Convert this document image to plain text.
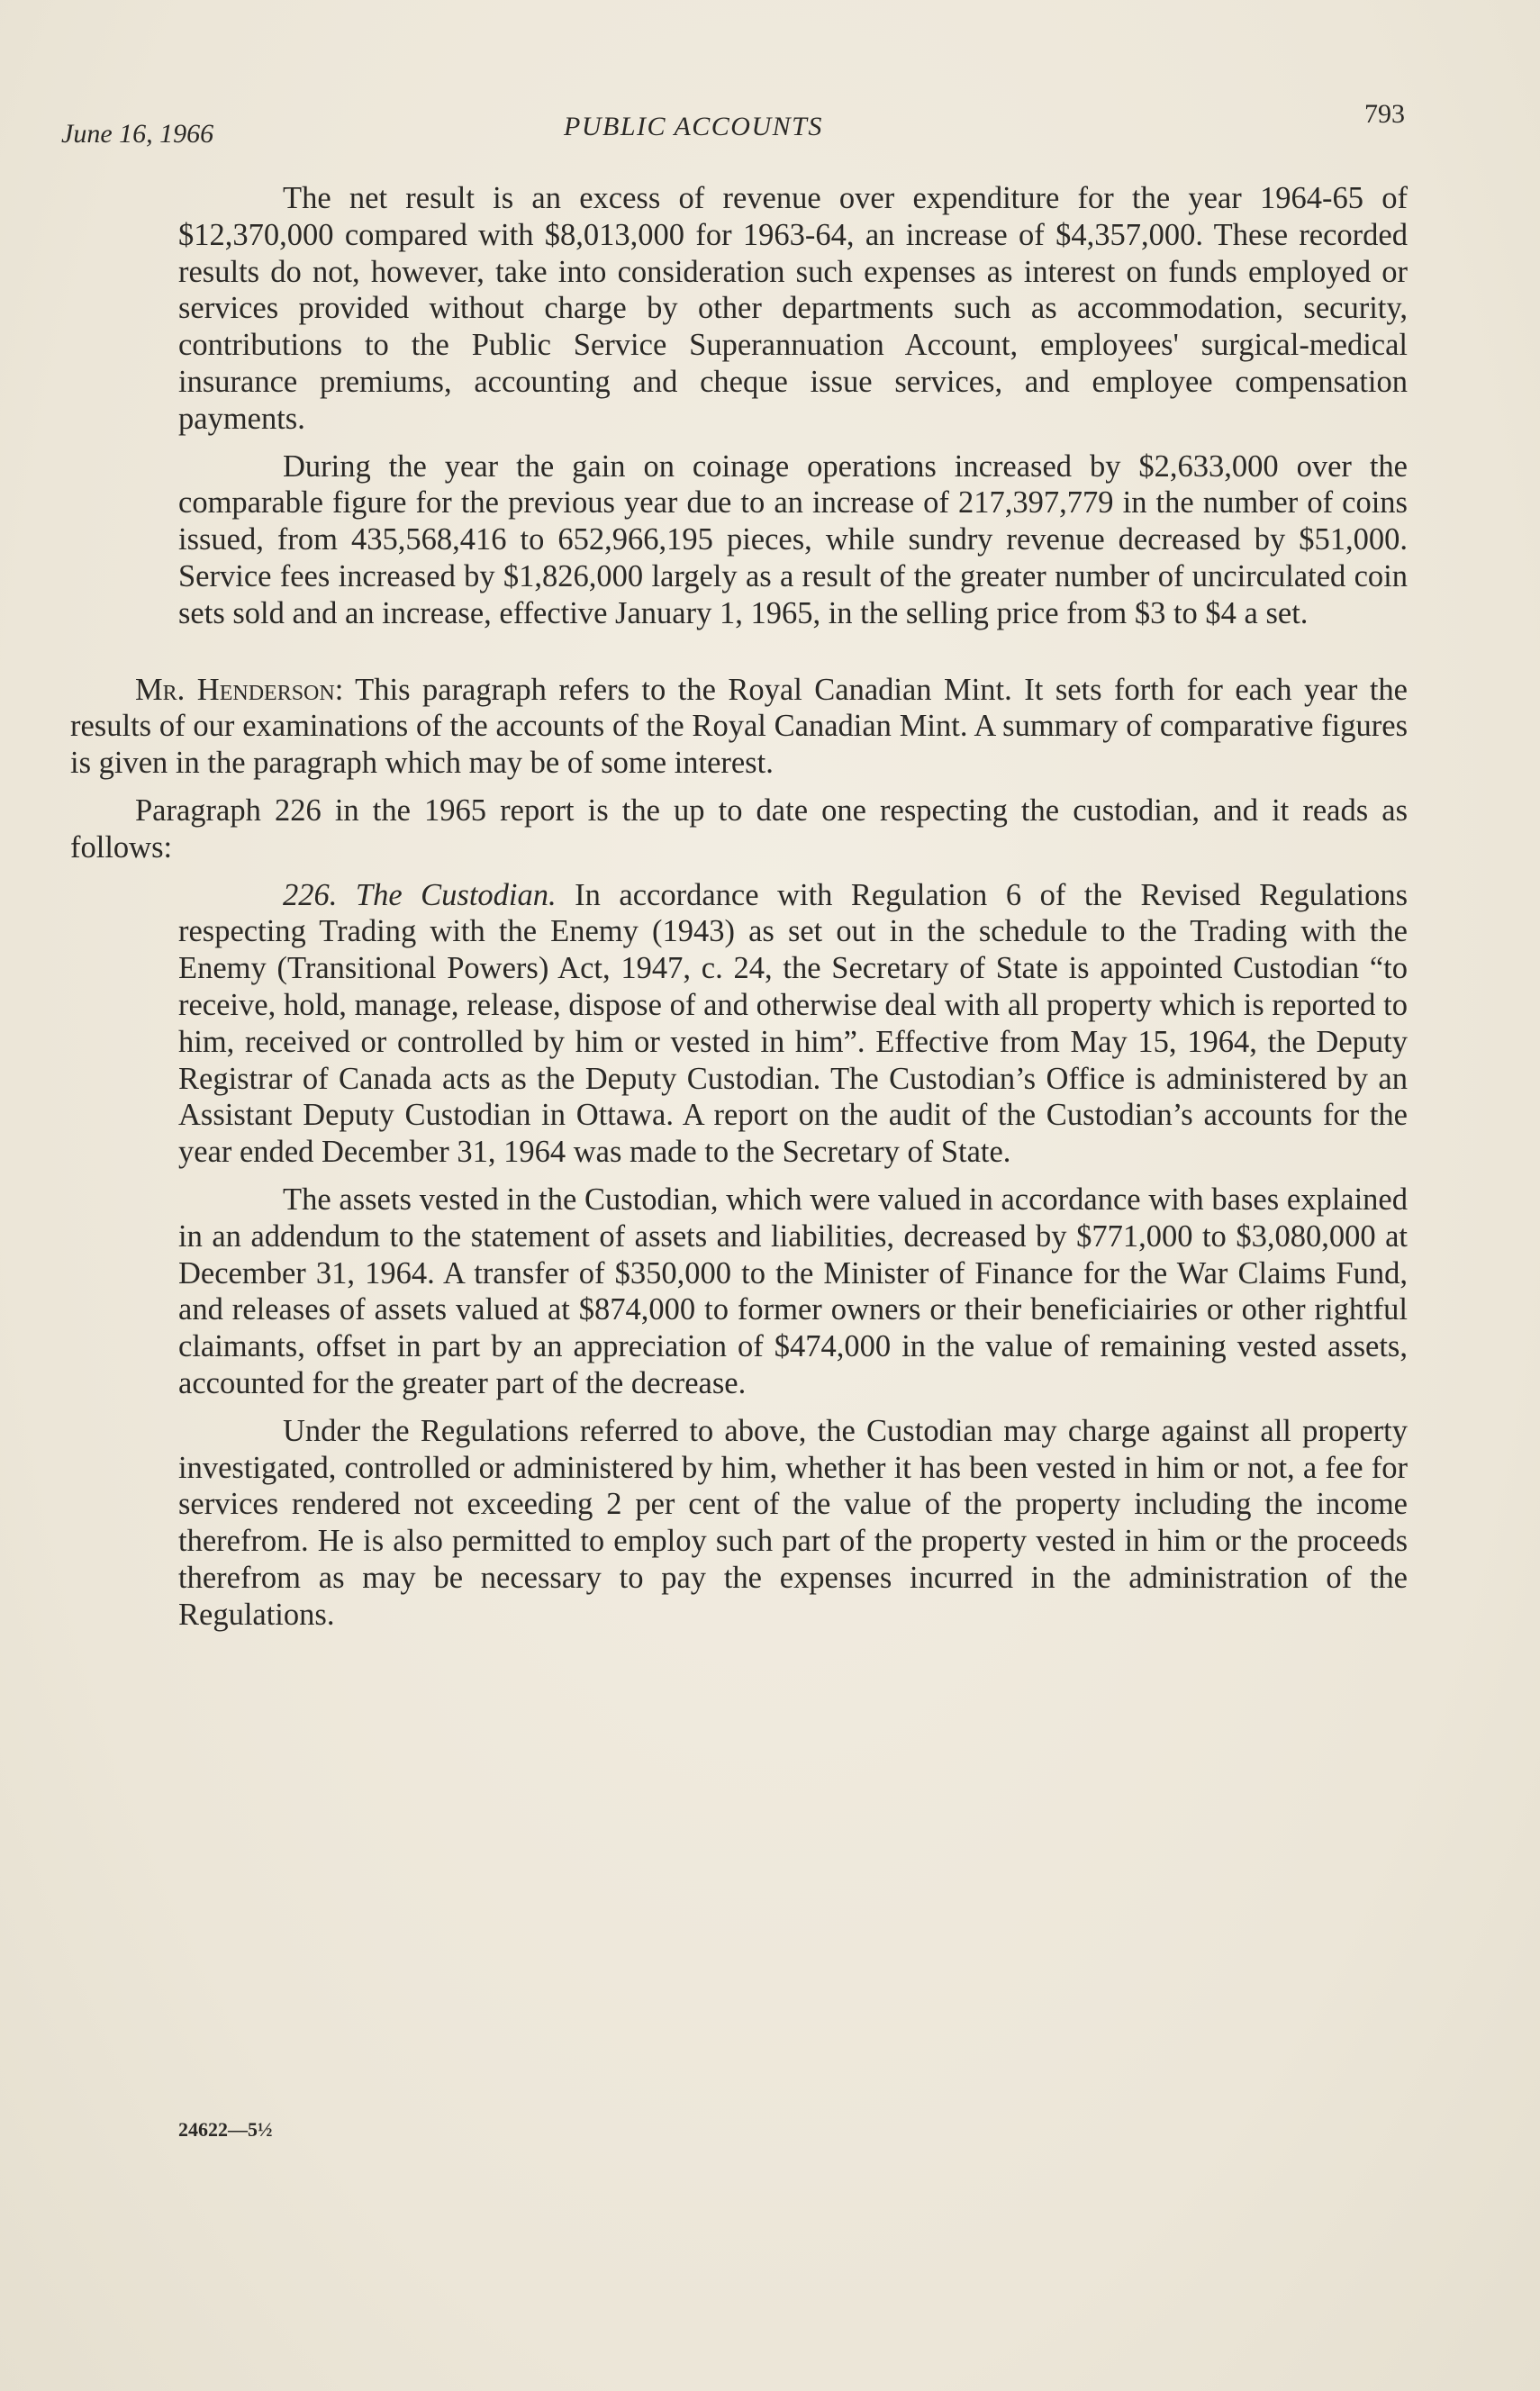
June 16, 1966	PUBLIC ACCOUNTS	793

The net result is an excess of revenue over expenditure for the year 1964-65 of $12,370,000 compared with $8,013,000 for 1963-64, an increase of $4,357,000. These recorded results do not, however, take into consideration such expenses as interest on funds employed or services provided without charge by other departments such as accommodation, security, contributions to the Public Service Superannuation Account, employees' surgical-medical insurance premiums, accounting and cheque issue services, and employee compensation payments.

During the year the gain on coinage operations increased by $2,633,000 over the comparable figure for the previous year due to an increase of 217,397,779 in the number of coins issued, from 435,568,416 to 652,966,195 pieces, while sundry revenue decreased by $51,000. Service fees increased by $1,826,000 largely as a result of the greater number of uncirculated coin sets sold and an increase, effective January 1, 1965, in the selling price from $3 to $4 a set.

Mr. Henderson: This paragraph refers to the Royal Canadian Mint. It sets forth for each year the results of our examinations of the accounts of the Royal Canadian Mint. A summary of comparative figures is given in the paragraph which may be of some interest.

Paragraph 226 in the 1965 report is the up to date one respecting the custodian, and it reads as follows:

226. The Custodian. In accordance with Regulation 6 of the Revised Regulations respecting Trading with the Enemy (1943) as set out in the schedule to the Trading with the Enemy (Transitional Powers) Act, 1947, c. 24, the Secretary of State is appointed Custodian “to receive, hold, manage, release, dispose of and otherwise deal with all property which is reported to him, received or controlled by him or vested in him”. Effective from May 15, 1964, the Deputy Registrar of Canada acts as the Deputy Custodian. The Custodian’s Office is administered by an Assistant Deputy Custodian in Ottawa. A report on the audit of the Custodian’s accounts for the year ended December 31, 1964 was made to the Secretary of State.

The assets vested in the Custodian, which were valued in accordance with bases explained in an addendum to the statement of assets and liabilities, decreased by $771,000 to $3,080,000 at December 31, 1964. A transfer of $350,000 to the Minister of Finance for the War Claims Fund, and releases of assets valued at $874,000 to former owners or their beneficiairies or other rightful claimants, offset in part by an appreciation of $474,000 in the value of remaining vested assets, accounted for the greater part of the decrease.

Under the Regulations referred to above, the Custodian may charge against all property investigated, controlled or administered by him, whether it has been vested in him or not, a fee for services rendered not exceeding 2 per cent of the value of the property including the income therefrom. He is also permitted to employ such part of the property vested in him or the proceeds therefrom as may be necessary to pay the expenses incurred in the administration of the Regulations.

24622—5½
